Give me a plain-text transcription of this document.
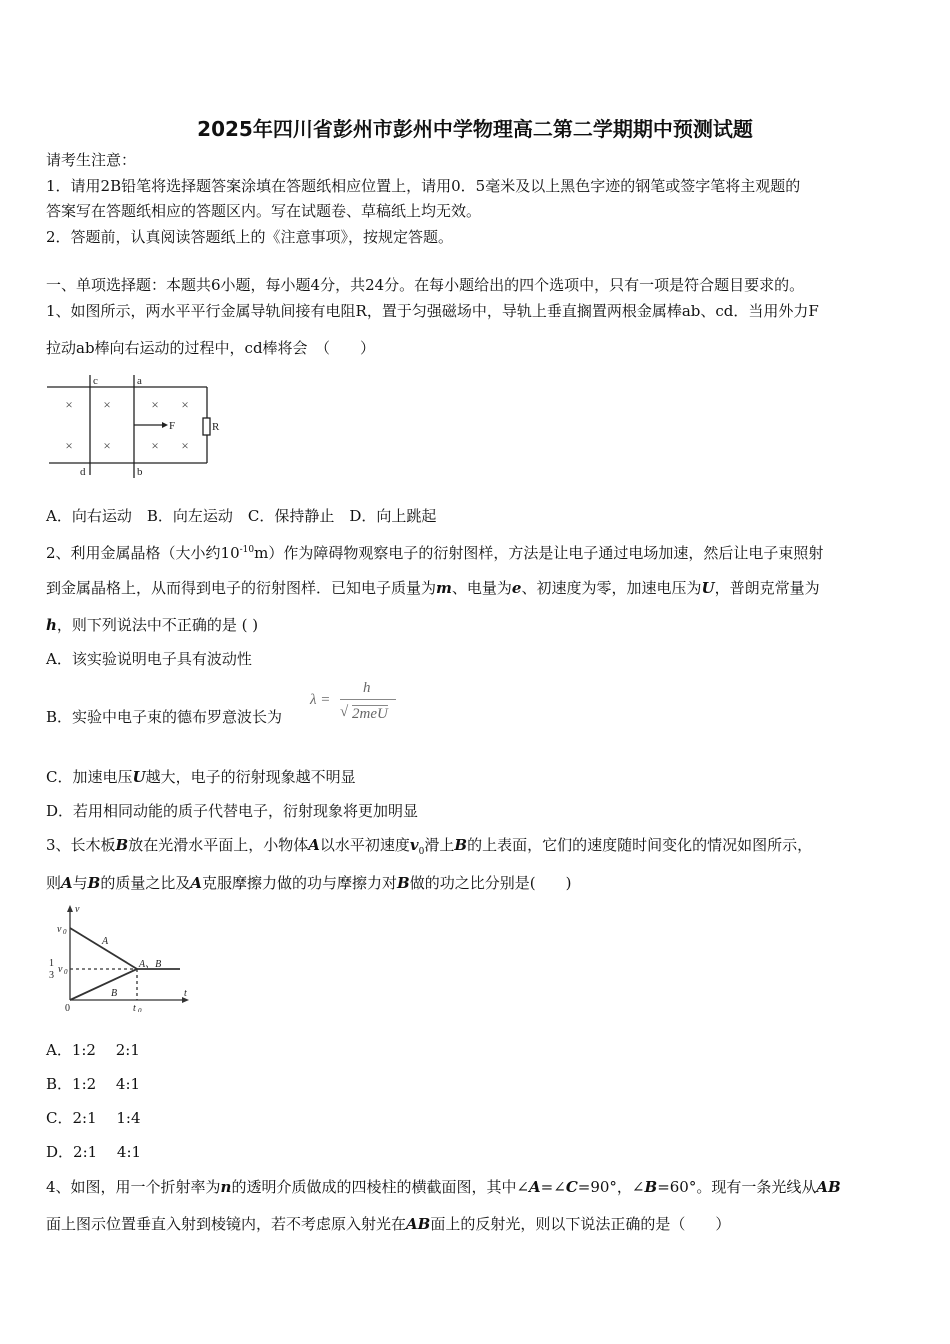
2025年四川省彭州市彭州中学物理高二第二学期期中预测试题
请考生注意：
1．请用2B铅笔将选择题答案涂填在答题纸相应位置上，请用0．5毫米及以上黑色字迹的钢笔或签字笔将主观题的
答案写在答题纸相应的答题区内。写在试题卷、草稿纸上均无效。
2．答题前，认真阅读答题纸上的《注意事项》，按规定答题。
一、单项选择题：本题共6小题，每小题4分，共24分。在每小题给出的四个选项中，只有一项是符合题目要求的。
1、如图所示，两水平平行金属导轨间接有电阻R，置于匀强磁场中，导轨上垂直搁置两根金属棒ab、cd．当用外力F
拉动ab棒向右运动的过程中，cd棒将会　（　　）
A．向右运动　B．向左运动　C．保持静止　D．向上跳起
2、利用金属晶格（大小约$10^{-10}m$）作为障碍物观察电子的衍射图样，方法是让电子通过电场加速，然后让电子束照射
到金属晶格上，从而得到电子的衍射图样．已知电子质量为m、电量为e、初速度为零，加速电压为U，普朗克常量为
h，则下列说法中不正确的是 ( )
A．该实验说明电子具有波动性
B．实验中电子束的德布罗意波长为
C．加速电压U越大，电子的衍射现象越不明显
D．若用相同动能的质子代替电子，衍射现象将更加明显
3、长木板B放在光滑水平面上，小物体A以水平初速度$v_0$滑上B的上表面，它们的速度随时间变化的情况如图所示，
则A与B的质量之比及A克服摩擦力做的功与摩擦力对B做的功之比分别是(　　)
A．1:2　 2:1
B．1:2　 4:1
C．2:1　 1:4
D．2:1　 4:1
4、如图，用一个折射率为n的透明介质做成的四棱柱的横截面图，其中∠A=∠C=90°，∠B=60°。现有一条光线从AB
面上图示位置垂直入射到棱镜内，若不考虑原入射光在AB面上的反射光，则以下说法正确的是（　　）
× ×	× ×
× ×	× ×
c	a
d	b
F	R
λ =
h
√ 2meU
v
v 0
1
3
v 0
A
B
A、B
0
t
t 0
